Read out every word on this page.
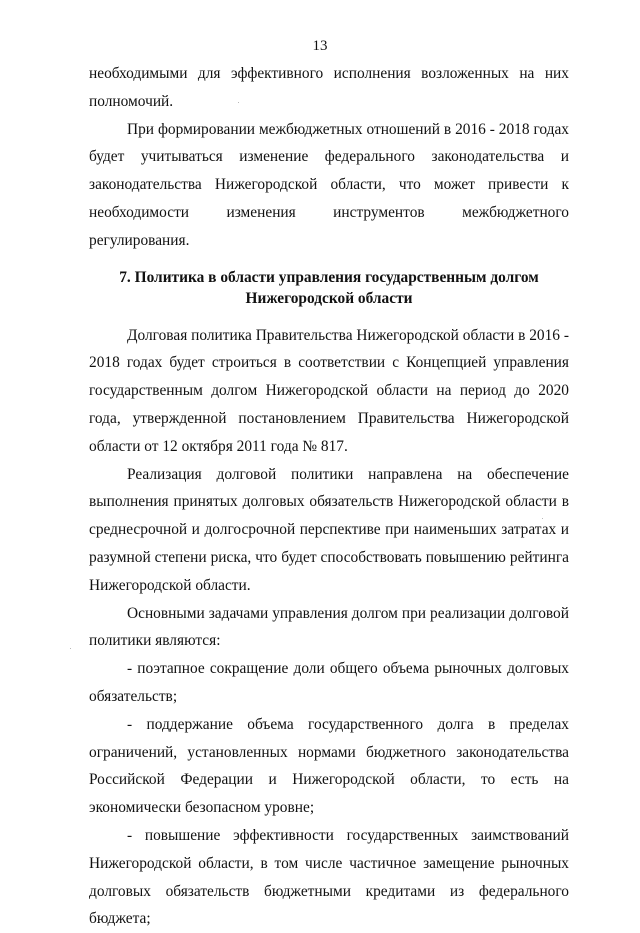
13

необходимыми для эффективного исполнения возложенных на них полномочий.

При формировании межбюджетных отношений в 2016 - 2018 годах будет учитываться изменение федерального законодательства и законодательства Нижегородской области, что может привести к необходимости изменения инструментов межбюджетного регулирования.

7. Политика в области управления государственным долгом Нижегородской области

Долговая политика Правительства Нижегородской области в 2016 - 2018 годах будет строиться в соответствии с Концепцией управления государственным долгом Нижегородской области на период до 2020 года, утвержденной постановлением Правительства Нижегородской области от 12 октября 2011 года № 817.

Реализация долговой политики направлена на обеспечение выполнения принятых долговых обязательств Нижегородской области в среднесрочной и долгосрочной перспективе при наименьших затратах и разумной степени риска, что будет способствовать повышению рейтинга Нижегородской области.

Основными задачами управления долгом при реализации долговой политики являются:

- поэтапное сокращение доли общего объема рыночных долговых обязательств;

- поддержание объема государственного долга в пределах ограничений, установленных нормами бюджетного законодательства Российской Федерации и Нижегородской области, то есть на экономически безопасном уровне;

- повышение эффективности государственных заимствований Нижегородской области, в том числе частичное замещение рыночных долговых обязательств бюджетными кредитами из федерального бюджета;
